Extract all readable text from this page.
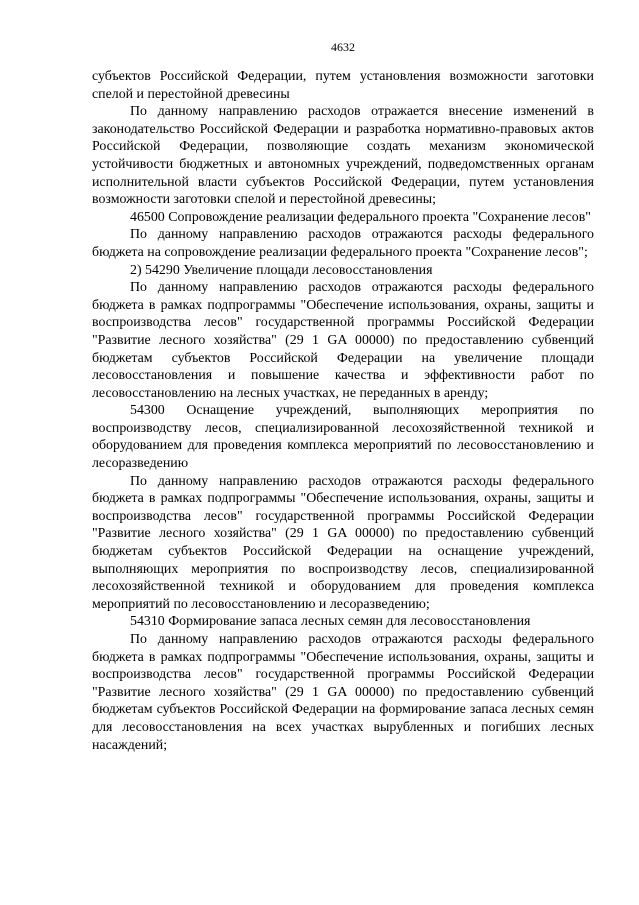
4632

субъектов Российской Федерации, путем установления возможности заготовки спелой и перестойной древесины

По данному направлению расходов отражается внесение изменений в законодательство Российской Федерации и разработка нормативно-правовых актов Российской Федерации, позволяющие создать механизм экономической устойчивости бюджетных и автономных учреждений, подведомственных органам исполнительной власти субъектов Российской Федерации, путем установления возможности заготовки спелой и перестойной древесины;

46500 Сопровождение реализации федерального проекта "Сохранение лесов"

По данному направлению расходов отражаются расходы федерального бюджета на сопровождение реализации федерального проекта "Сохранение лесов";

2) 54290 Увеличение площади лесовосстановления

По данному направлению расходов отражаются расходы федерального бюджета в рамках подпрограммы "Обеспечение использования, охраны, защиты и воспроизводства лесов" государственной программы Российской Федерации "Развитие лесного хозяйства" (29 1 GA 00000) по предоставлению субвенций бюджетам субъектов Российской Федерации на увеличение площади лесовосстановления и повышение качества и эффективности работ по лесовосстановлению на лесных участках, не переданных в аренду;

54300 Оснащение учреждений, выполняющих мероприятия по воспроизводству лесов, специализированной лесохозяйственной техникой и оборудованием для проведения комплекса мероприятий по лесовосстановлению и лесоразведению

По данному направлению расходов отражаются расходы федерального бюджета в рамках подпрограммы "Обеспечение использования, охраны, защиты и воспроизводства лесов" государственной программы Российской Федерации "Развитие лесного хозяйства" (29 1 GA 00000) по предоставлению субвенций бюджетам субъектов Российской Федерации на оснащение учреждений, выполняющих мероприятия по воспроизводству лесов, специализированной лесохозяйственной техникой и оборудованием для проведения комплекса мероприятий по лесовосстановлению и лесоразведению;

54310 Формирование запаса лесных семян для лесовосстановления

По данному направлению расходов отражаются расходы федерального бюджета в рамках подпрограммы "Обеспечение использования, охраны, защиты и воспроизводства лесов" государственной программы Российской Федерации "Развитие лесного хозяйства" (29 1 GA 00000) по предоставлению субвенций бюджетам субъектов Российской Федерации на формирование запаса лесных семян для лесовосстановления на всех участках вырубленных и погибших лесных насаждений;
